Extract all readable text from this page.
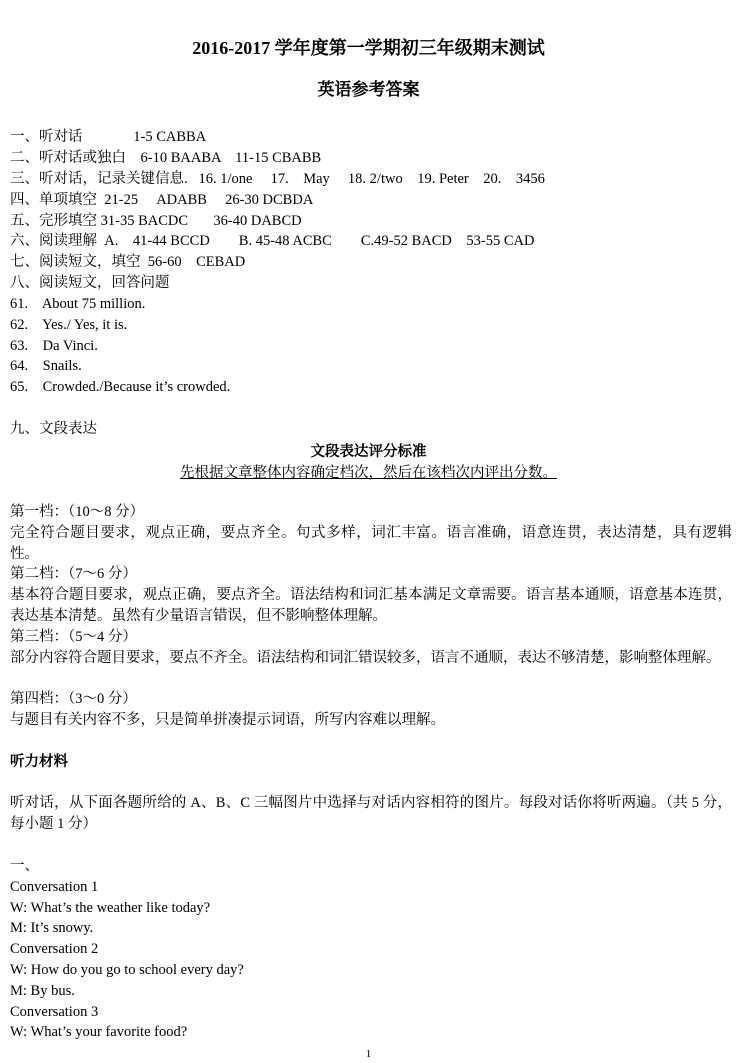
2016-2017 学年度第一学期初三年级期末测试
英语参考答案
一、听对话              1-5 CABBA
二、听对话或独白    6-10 BAABA    11-15 CBABB
三、听对话，记录关键信息.   16. 1/one     17.    May     18. 2/two    19. Peter    20.    3456
四、单项填空  21-25     ADABB     26-30 DCBDA
五、完形填空 31-35 BACDC       36-40 DABCD
六、阅读理解  A.    41-44 BCCD        B. 45-48 ACBC        C.49-52 BACD    53-55 CAD
七、阅读短文，填空  56-60    CEBAD
八、阅读短文，回答问题
61.    About 75 million.
62.    Yes./ Yes, it is.
63.    Da Vinci.
64.    Snails.
65.    Crowded./Because it’s crowded.
九、文段表达
文段表达评分标准
先根据文章整体内容确定档次，然后在该档次内评出分数。
第一档：（10～8 分）
完全符合题目要求，观点正确，要点齐全。句式多样，词汇丰富。语言准确，语意连贯，表达清楚，具有逻辑性。
第二档：（7～6 分）
基本符合题目要求，观点正确，要点齐全。语法结构和词汇基本满足文章需要。语言基本通顺，语意基本连贯，表达基本清楚。虽然有少量语言错误，但不影响整体理解。
第三档：（5～4 分）
部分内容符合题目要求，要点不齐全。语法结构和词汇错误较多，语言不通顺，表达不够清楚，影响整体理解。
第四档：（3～0 分）
与题目有关内容不多，只是简单拼凑提示词语，所写内容难以理解。
听力材料
听对话，从下面各题所给的 A、B、C 三幅图片中选择与对话内容相符的图片。每段对话你将听两遍。（共 5 分，每小题 1 分）
一、
Conversation 1
W: What’s the weather like today?
M: It’s snowy.
Conversation 2
W: How do you go to school every day?
M: By bus.
Conversation 3
W: What’s your favorite food?
1
